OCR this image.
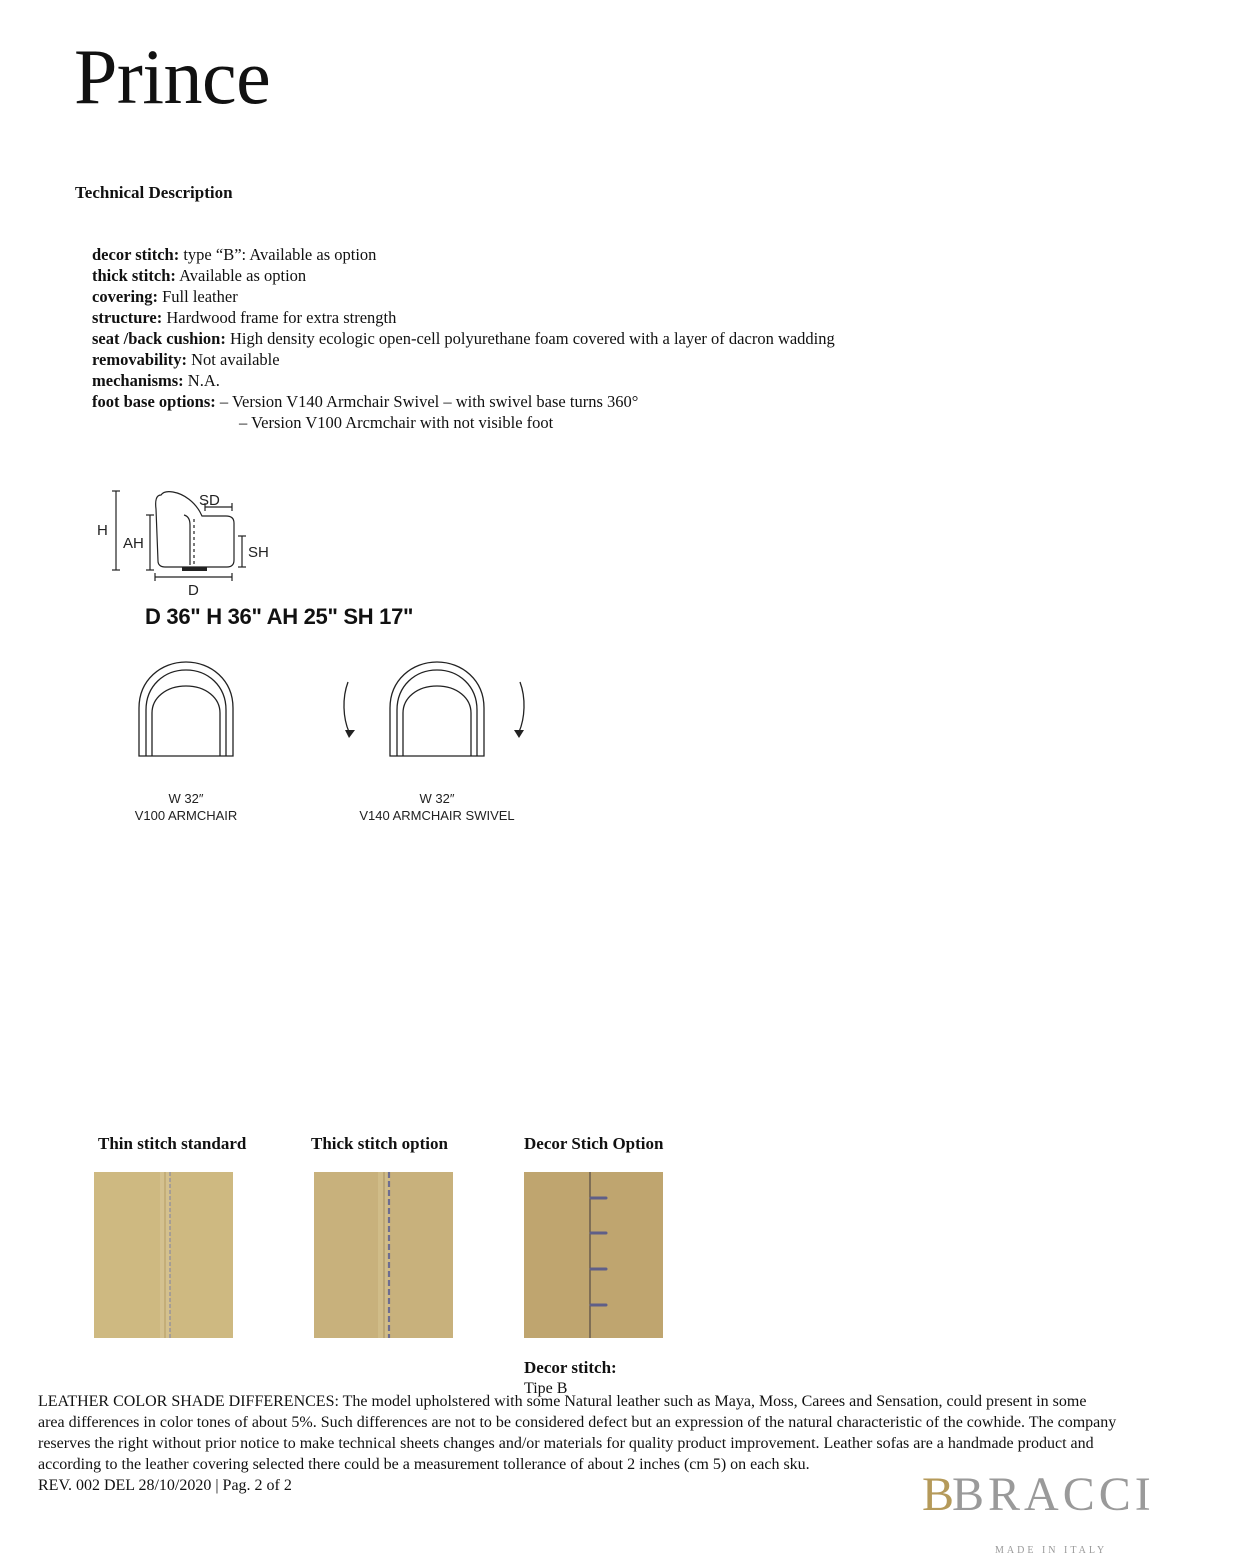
Prince
Technical Description
decor stitch: type “B”: Available as option
thick stitch: Available as option
covering: Full leather
structure: Hardwood frame for extra strength
seat /back cushion: High density ecologic open-cell polyurethane foam covered with a layer of dacron wadding
removability: Not available
mechanisms: N.A.
foot base options: – Version V140 Armchair Swivel – with swivel base turns 360°
– Version V100 Arcmchair with not visible foot
H
AH
SD
SH
D
D 36" H 36" AH 25" SH 17"
W 32″
V100 ARMCHAIR
W 32″
V140 ARMCHAIR SWIVEL
Thin stitch standard	Thick stitch option	Decor Stich Option
Decor stitch:
Tipe B
LEATHER COLOR SHADE DIFFERENCES: The model upholstered with some Natural leather such as Maya, Moss, Carees and Sensation, could present in some
area differences in color tones of about 5%. Such differences are not to be considered defect but an expression of the natural characteristic of the cowhide. The company
reserves the right without prior notice to make technical sheets changes and/or materials for quality product improvement. Leather sofas are a handmade product and
according to the leather covering selected there could be a measurement tollerance of about 2 inches (cm 5) on each sku.
REV. 002 DEL 28/10/2020 | Pag. 2 of 2	B
BRACCI
MADE IN ITALY
